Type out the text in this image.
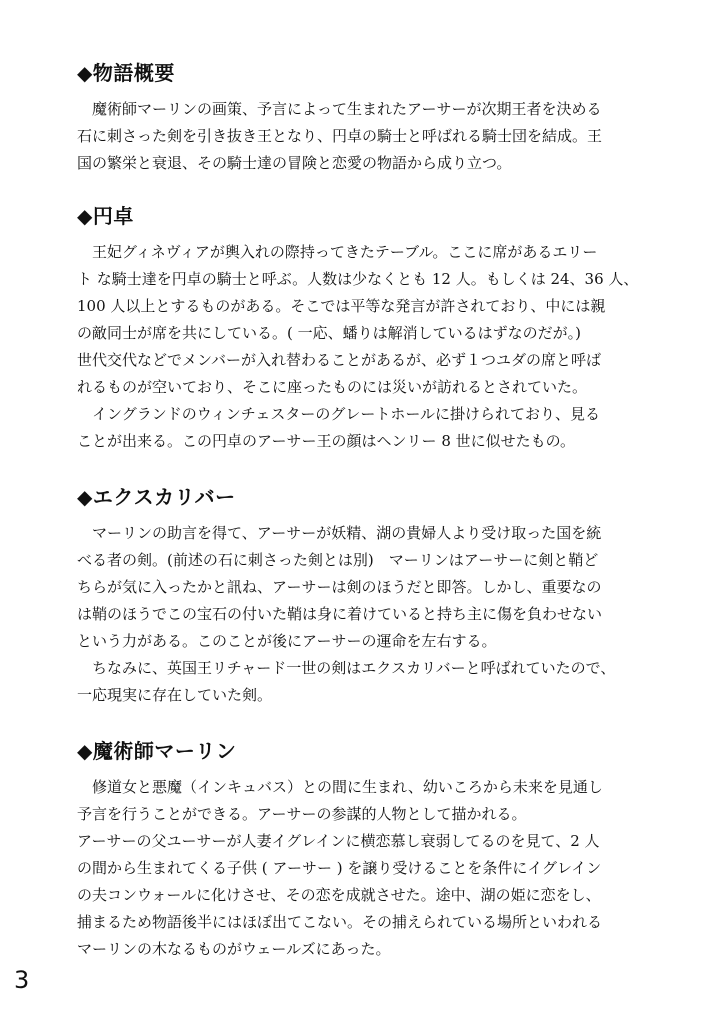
◆物語概要
　魔術師マーリンの画策、予言によって生まれたアーサーが次期王者を決める
石に刺さった剣を引き抜き王となり、円卓の騎士と呼ばれる騎士団を結成。王
国の繁栄と衰退、その騎士達の冒険と恋愛の物語から成り立つ。
◆円卓
　王妃グィネヴィアが輿入れの際持ってきたテーブル。ここに席があるエリー
ト な騎士達を円卓の騎士と呼ぶ。人数は少なくとも 12 人。もしくは 24、36 人、
100 人以上とするものがある。そこでは平等な発言が許されており、中には親
の敵同士が席を共にしている。( 一応、蟠りは解消しているはずなのだが。)
世代交代などでメンバーが入れ替わることがあるが、必ず１つユダの席と呼ば
れるものが空いており、そこに座ったものには災いが訪れるとされていた。
　イングランドのウィンチェスターのグレートホールに掛けられており、見る
ことが出来る。この円卓のアーサー王の顔はヘンリー 8 世に似せたもの。
◆エクスカリバー
　マーリンの助言を得て、アーサーが妖精、湖の貴婦人より受け取った国を統
べる者の剣。(前述の石に刺さった剣とは別)　マーリンはアーサーに剣と鞘ど
ちらが気に入ったかと訊ね、アーサーは剣のほうだと即答。しかし、重要なの
は鞘のほうでこの宝石の付いた鞘は身に着けていると持ち主に傷を負わせない
という力がある。このことが後にアーサーの運命を左右する。
　ちなみに、英国王リチャード一世の剣はエクスカリバーと呼ばれていたので、
一応現実に存在していた剣。
◆魔術師マーリン
　修道女と悪魔（インキュバス）との間に生まれ、幼いころから未来を見通し
予言を行うことができる。アーサーの参謀的人物として描かれる。
アーサーの父ユーサーが人妻イグレインに横恋慕し衰弱してるのを見て、2 人
の間から生まれてくる子供 ( アーサー ) を譲り受けることを条件にイグレイン
の夫コンウォールに化けさせ、その恋を成就させた。途中、湖の姫に恋をし、
捕まるため物語後半にはほぼ出てこない。その捕えられている場所といわれる
マーリンの木なるものがウェールズにあった。
3
